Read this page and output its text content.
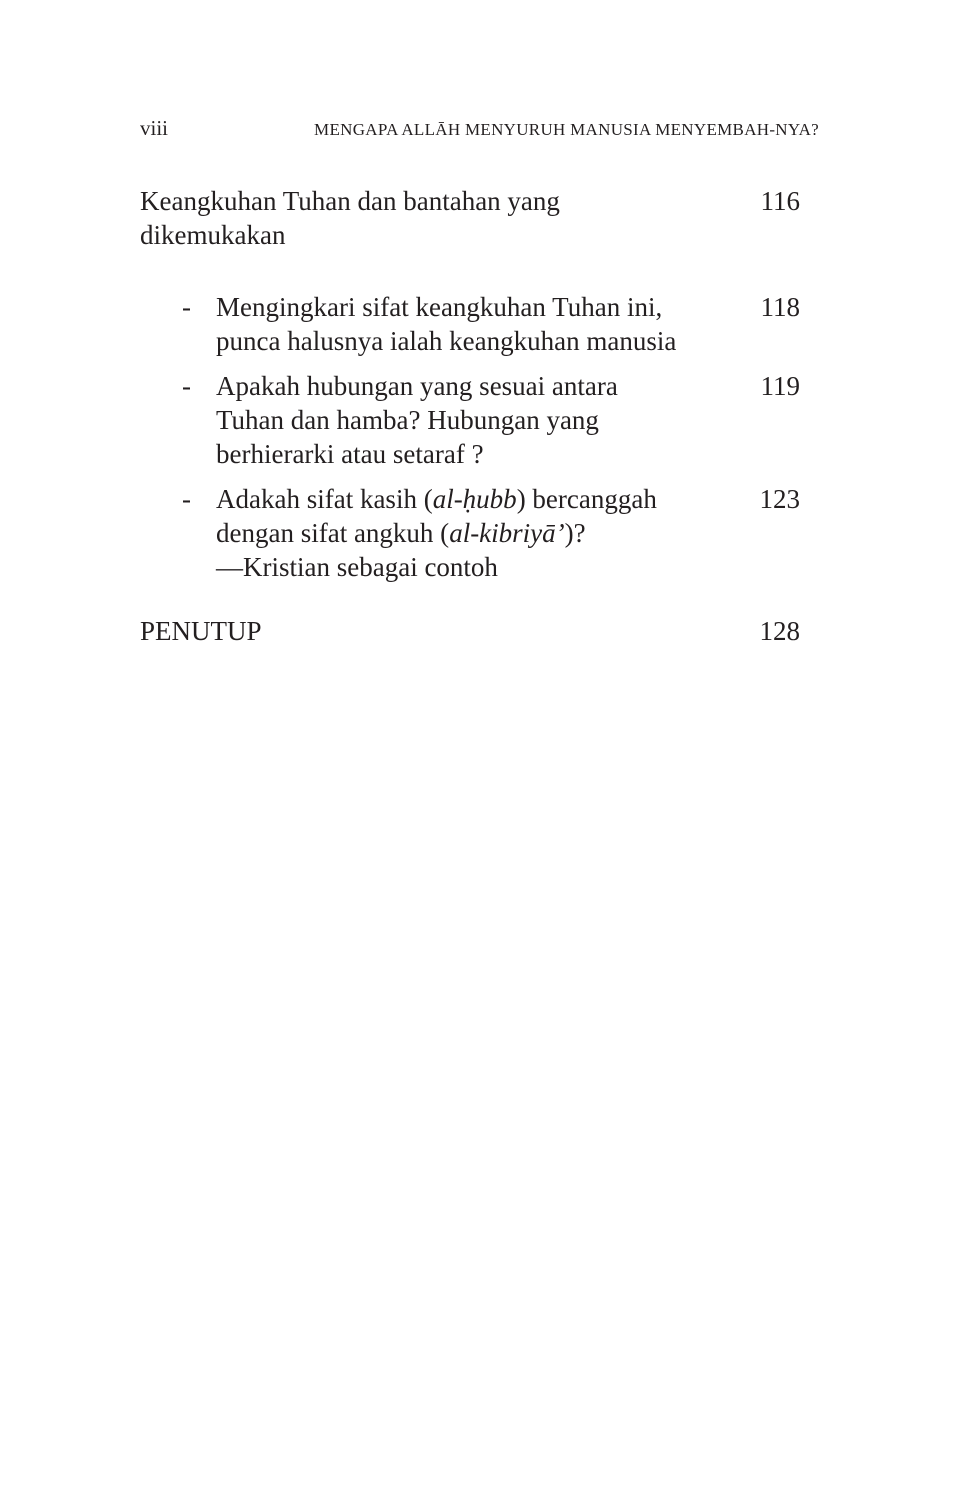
viii	MENGAPA ALLĀH MENYURUH MANUSIA MENYEMBAH-NYA?
Keangkuhan Tuhan dan bantahan yang
dikemukakan
116
- Mengingkari sifat keangkuhan Tuhan ini,
punca halusnya ialah keangkuhan manusia
118
- Apakah hubungan yang sesuai antara
Tuhan dan hamba? Hubungan yang
berhierarki atau setaraf ?
119
- Adakah sifat kasih (al-ḥubb) bercanggah
dengan sifat angkuh (al-kibriyā’)?
—Kristian sebagai contoh
123
PENUTUP	128
